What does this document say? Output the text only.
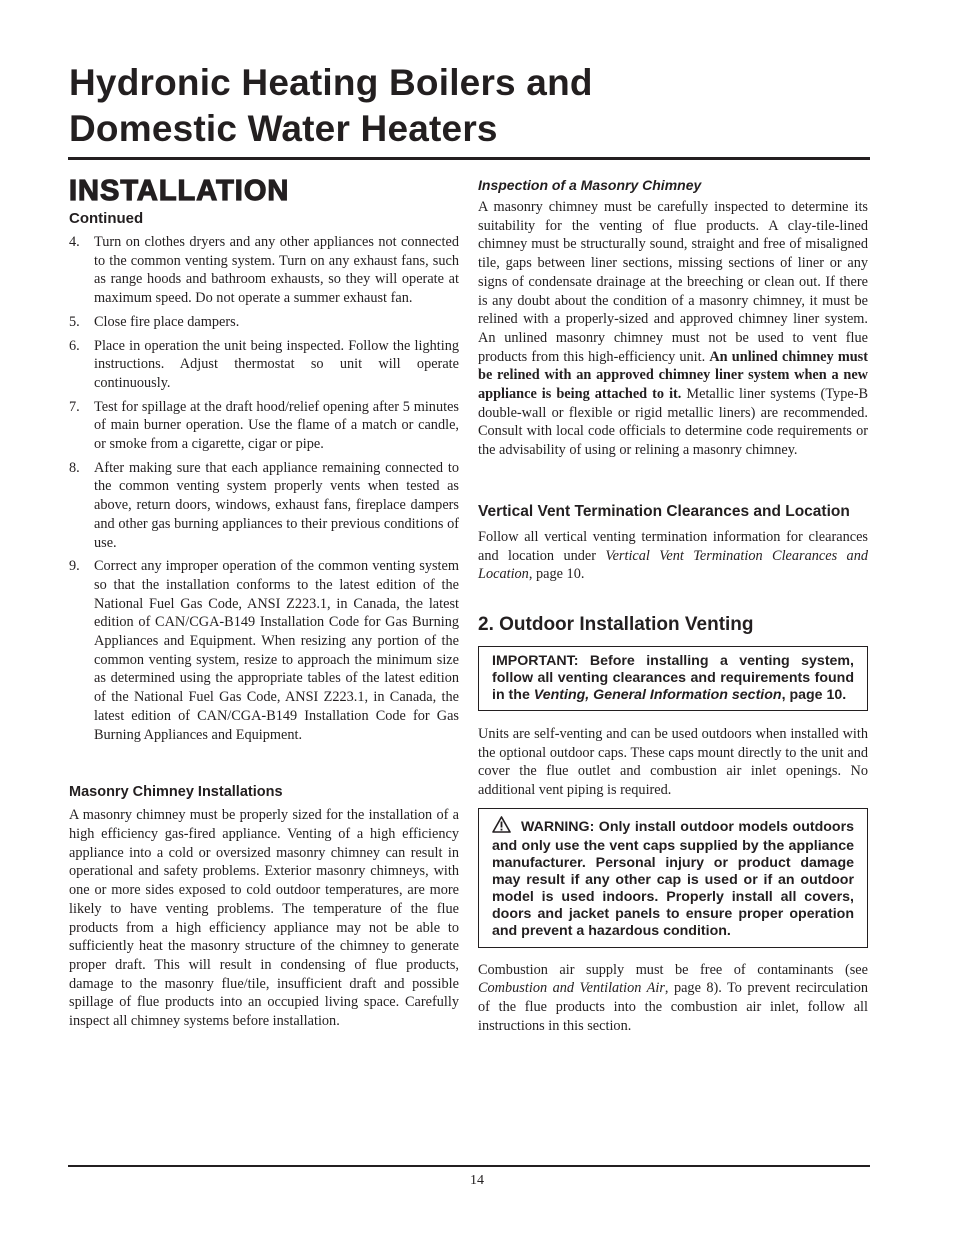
Hydronic Heating Boilers and
Domestic Water Heaters
INSTALLATION
Continued
4. Turn on clothes dryers and any other appliances not connected to the common venting system. Turn on any exhaust fans, such as range hoods and bathroom exhausts, so they will operate at maximum speed. Do not operate a summer exhaust fan.
5. Close fire place dampers.
6. Place in operation the unit being inspected. Follow the lighting instructions. Adjust thermostat so unit will operate continuously.
7. Test for spillage at the draft hood/relief opening after 5 minutes of main burner operation. Use the flame of a match or candle, or smoke from a cigarette, cigar or pipe.
8. After making sure that each appliance remaining connected to the common venting system properly vents when tested as above, return doors, windows, exhaust fans, fireplace dampers and other gas burning appliances to their previous conditions of use.
9. Correct any improper operation of the common venting system so that the installation conforms to the latest edition of the National Fuel Gas Code, ANSI Z223.1, in Canada, the latest edition of CAN/CGA-B149 Installation Code for Gas Burning Appliances and Equipment. When resizing any portion of the common venting system, resize to approach the minimum size as determined using the appropriate tables of the latest edition of the National Fuel Gas Code, ANSI Z223.1, in Canada, the latest edition of CAN/CGA-B149 Installation Code for Gas Burning Appliances and Equipment.
Masonry Chimney Installations

A masonry chimney must be properly sized for the installation of a high efficiency gas-fired appliance. Venting of a high efficiency appliance into a cold or oversized masonry chimney can result in operational and safety problems. Exterior masonry chimneys, with one or more sides exposed to cold outdoor temperatures, are more likely to have venting problems. The temperature of the flue products from a high efficiency appliance may not be able to sufficiently heat the masonry structure of the chimney to generate proper draft. This will result in condensing of flue products, damage to the masonry flue/tile, insufficient draft and possible spillage of flue products into an occupied living space. Carefully inspect all chimney systems before installation.

Inspection of a Masonry Chimney

A masonry chimney must be carefully inspected to determine its suitability for the venting of flue products. A clay-tile-lined chimney must be structurally sound, straight and free of misaligned tile, gaps between liner sections, missing sections of liner or any signs of condensate drainage at the breeching or clean out. If there is any doubt about the condition of a masonry chimney, it must be relined with a properly-sized and approved chimney liner system. An unlined masonry chimney must not be used to vent flue products from this high-efficiency unit. An unlined chimney must be relined with an approved chimney liner system when a new appliance is being attached to it. Metallic liner systems (Type-B double-wall or flexible or rigid metallic liners) are recommended. Consult with local code officials to determine code requirements or the advisability of using or relining a masonry chimney.

Vertical Vent Termination Clearances and Location

Follow all vertical venting termination information for clearances and location under Vertical Vent Termination Clearances and Location, page 10.

2. Outdoor Installation Venting
IMPORTANT: Before installing a venting system, follow all venting clearances and requirements found in the Venting, General Information section, page 10.

Units are self-venting and can be used outdoors when installed with the optional outdoor caps. These caps mount directly to the unit and cover the flue outlet and combustion air inlet openings. No additional vent piping is required.

WARNING: Only install outdoor models outdoors and only use the vent caps supplied by the appliance manufacturer. Personal injury or product damage may result if any other cap is used or if an outdoor model is used indoors. Properly install all covers, doors and jacket panels to ensure proper operation and prevent a hazardous condition.

Combustion air supply must be free of contaminants (see Combustion and Ventilation Air, page 8). To prevent recirculation of the flue products into the combustion air inlet, follow all instructions in this section.

14
